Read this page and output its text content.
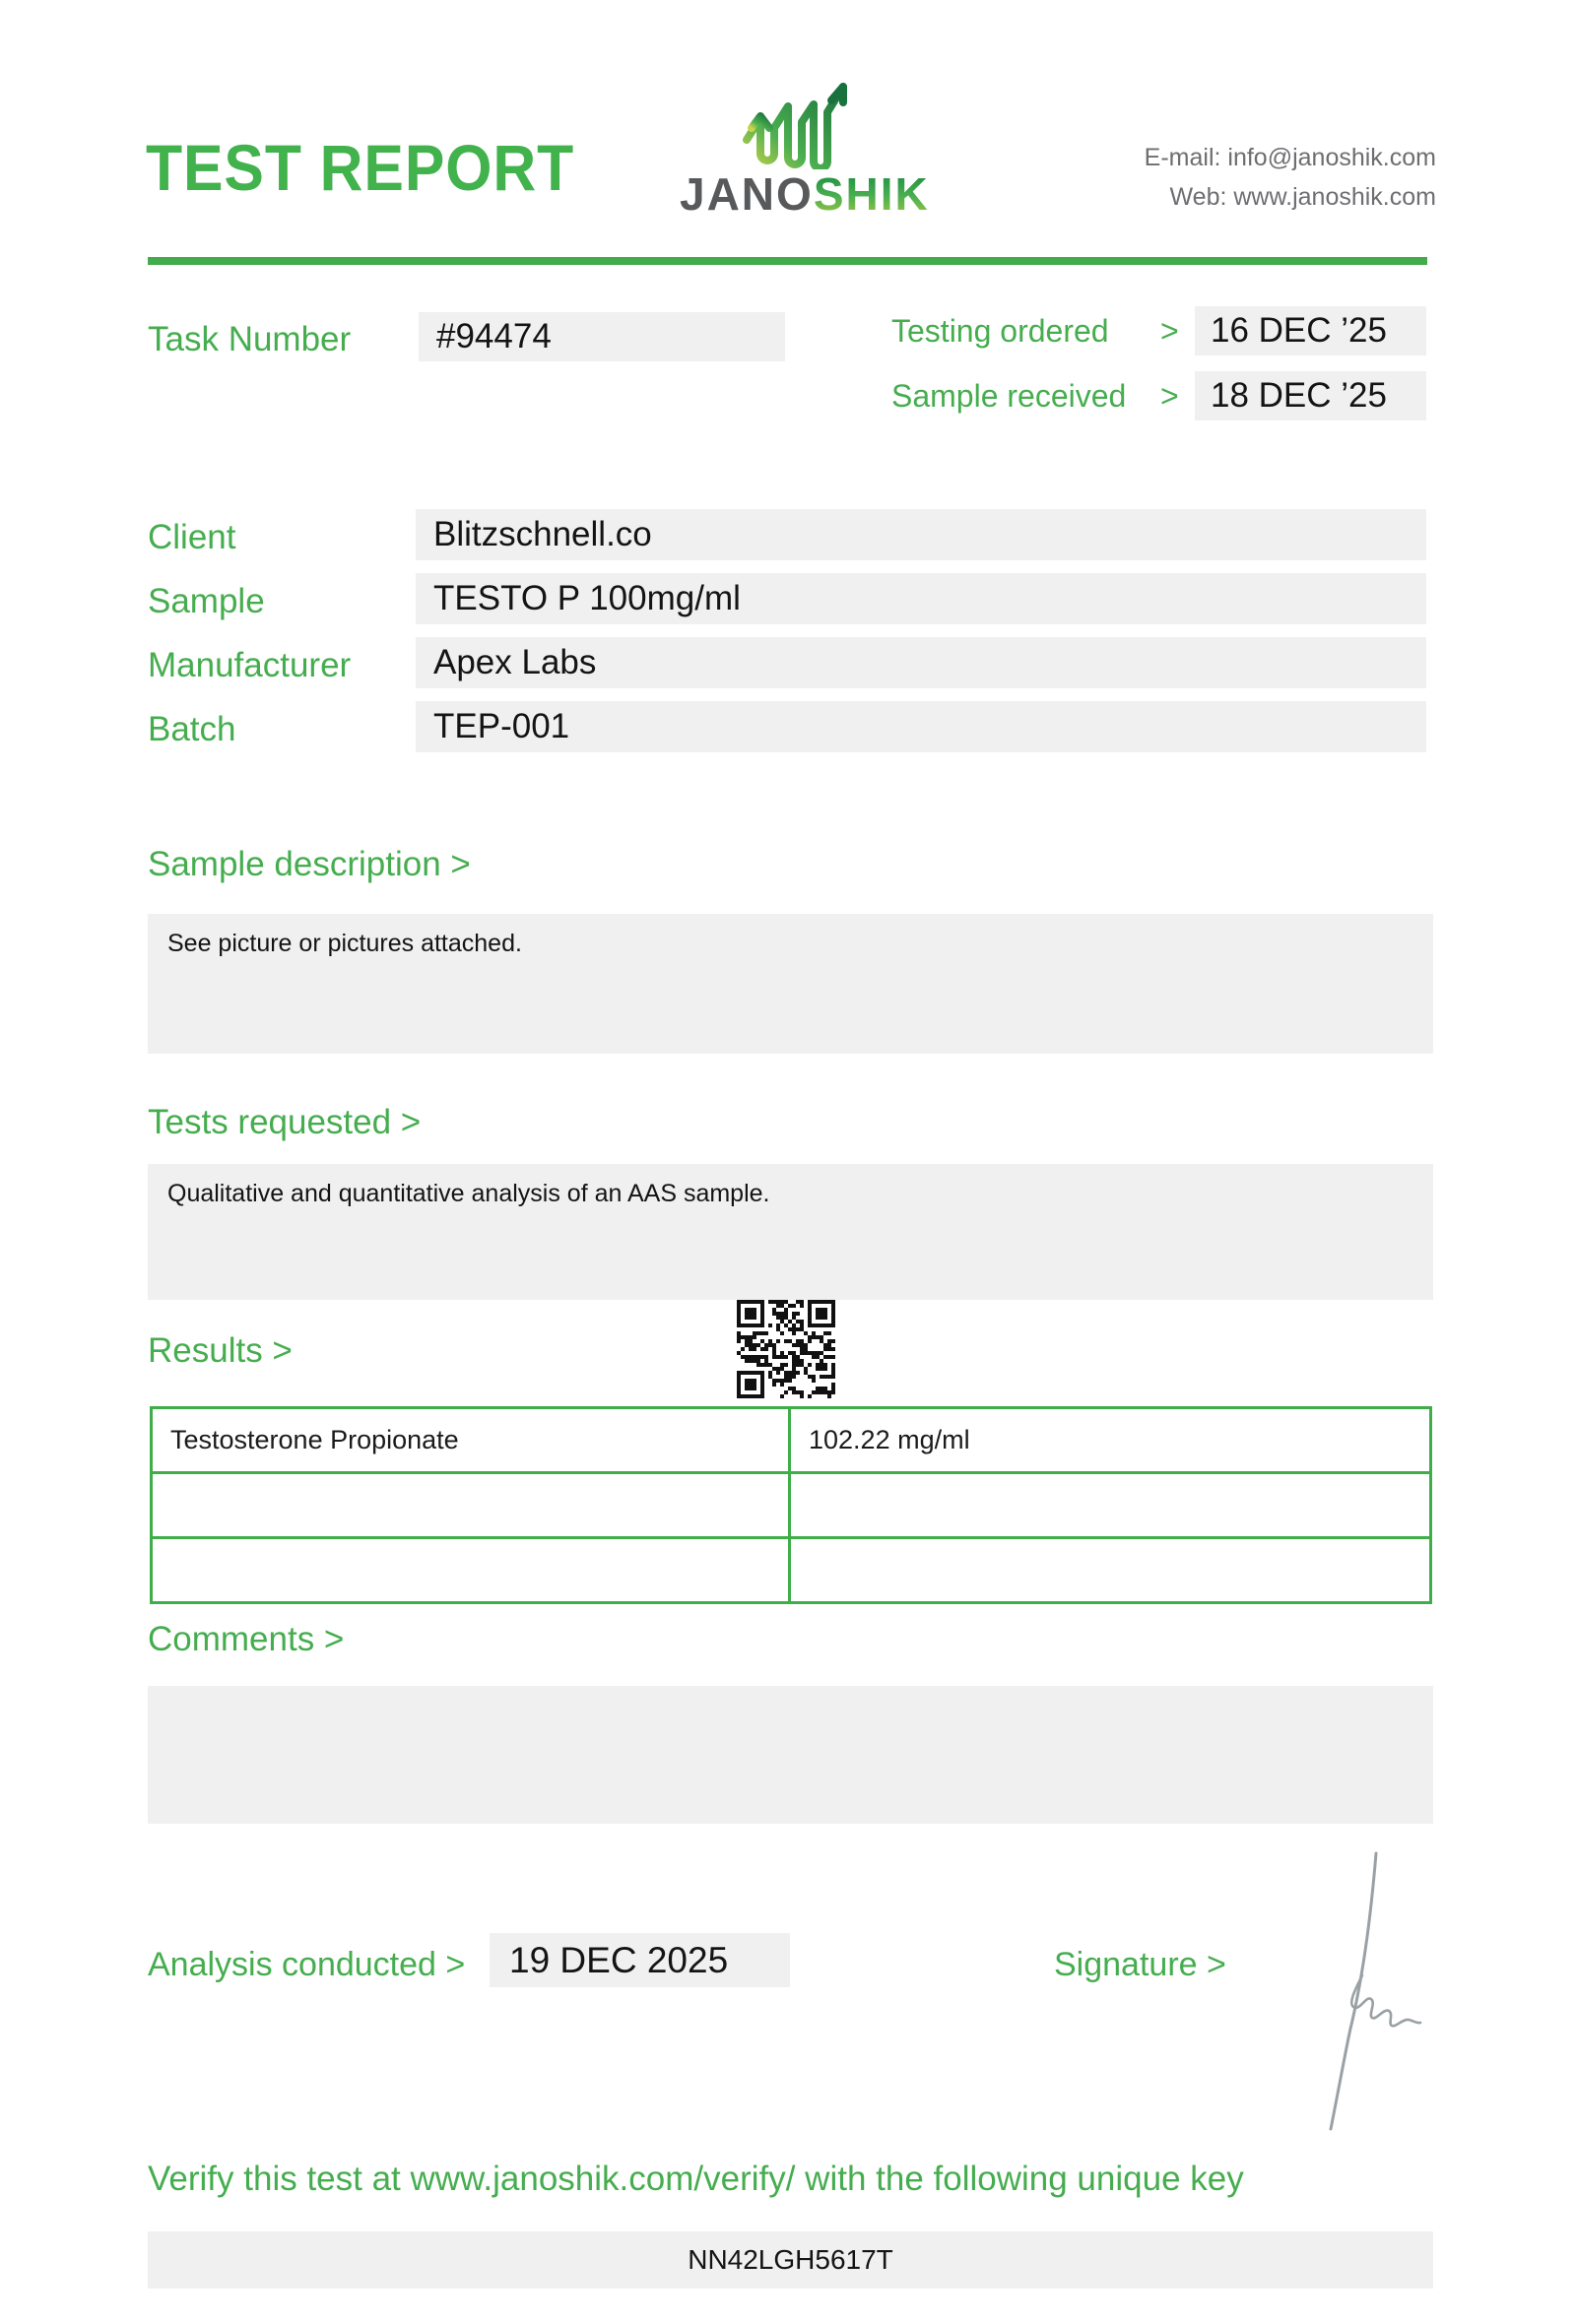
TEST REPORT JANOSHIK
E-mail: info@janoshik.com
Web: www.janoshik.com
Task Number	#94474	Testing ordered > 16 DEC ’25
Sample received > 18 DEC ’25
Client	Blitzschnell.co
Sample	TESTO P 100mg/ml
Manufacturer	Apex Labs
Batch	TEP-001
Sample description >
See picture or pictures attached.
Tests requested >
Qualitative and quantitative analysis of an AAS sample.
Results >
Testosterone Propionate	102.22 mg/ml
Comments >
Analysis conducted >	19 DEC 2025	Signature >
Verify this test at www.janoshik.com/verify/ with the following unique key
NN42LGH5617T
